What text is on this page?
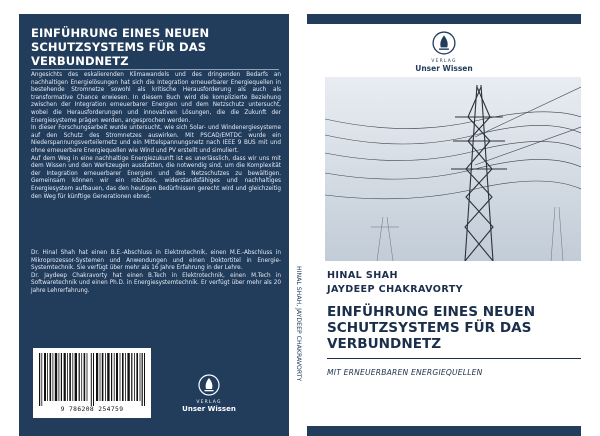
EINFÜHRUNG EINES NEUEN SCHUTZSYSTEMS FÜR DAS VERBUNDNETZ

Angesichts des eskalierenden Klimawandels und des dringenden Bedarfs an nachhaltigen Energielösungen hat sich die Integration erneuerbarer Energiequellen in bestehende Stromnetze sowohl als kritische Herausforderung als auch als transformative Chance erwiesen. In diesem Buch wird die komplizierte Beziehung zwischen der Integration erneuerbarer Energien und dem Netzschutz untersucht, wobei die Herausforderungen und innovativen Lösungen, die die Zukunft der Energiesysteme prägen werden, angesprochen werden.

In dieser Forschungsarbeit wurde untersucht, wie sich Solar- und Windenergiesysteme auf den Schutz des Stromnetzes auswirken. Mit PSCAD/EMTDC wurde ein Niederspannungsverteilernetz und ein Mittelspannungsnetz nach IEEE 9 BUS mit und ohne erneuerbare Energiequellen wie Wind und PV erstellt und simuliert.

Auf dem Weg in eine nachhaltige Energiezukunft ist es unerlässlich, dass wir uns mit dem Wissen und den Werkzeugen ausstatten, die notwendig sind, um die Komplexität der Integration erneuerbarer Energien und des Netzschutzes zu bewältigen. Gemeinsam können wir ein robustes, widerstandsfähiges und nachhaltiges Energiesystem aufbauen, das den heutigen Bedürfnissen gerecht wird und gleichzeitig den Weg für künftige Generationen ebnet.

Dr. Hinal Shah hat einen B.E.-Abschluss in Elektrotechnik, einen M.E.-Abschluss in Mikroprozessor-Systemen und Anwendungen und einen Doktortitel in Energie-Systemtechnik. Sie verfügt über mehr als 16 Jahre Erfahrung in der Lehre.

Dr. Jaydeep Chakravorty hat einen B.Tech in Elektrotechnik, einen M.Tech in Softwaretechnik und einen Ph.D. in Energiesystemtechnik. Er verfügt über mehr als 20 Jahre Lehrerfahrung.

9 786208 254759
VERLAG
Unser Wissen
HINAL SHAH, JAYDEEP CHAKRAVORTY
VERLAG
Unser Wissen
HINAL SHAH
JAYDEEP CHAKRAVORTY
EINFÜHRUNG EINES NEUEN SCHUTZSYSTEMS FÜR DAS VERBUNDNETZ
MIT ERNEUERBAREN ENERGIEQUELLEN
